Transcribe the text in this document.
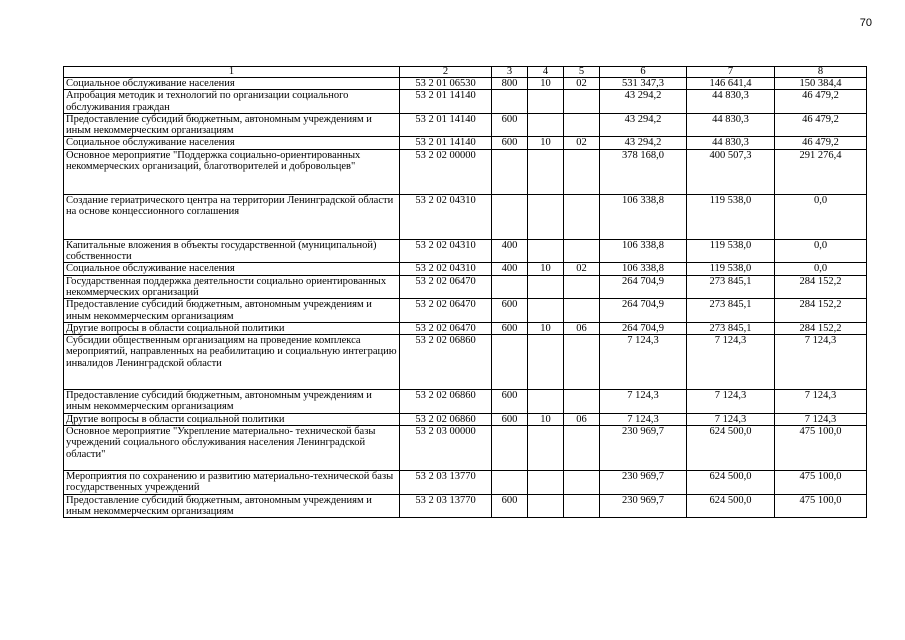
70
1	2	3	4	5	6	7	8
Социальное обслуживание населения	53 2 01 06530	800	10	02	531 347,3	146 641,4	150 384,4
Апробация методик и технологий по организации социального обслуживания граждан	53 2 01 14140				43 294,2	44 830,3	46 479,2
Предоставление субсидий бюджетным, автономным учреждениям и иным некоммерческим организациям	53 2 01 14140	600			43 294,2	44 830,3	46 479,2
Социальное обслуживание населения	53 2 01 14140	600	10	02	43 294,2	44 830,3	46 479,2
Основное мероприятие "Поддержка социально-ориентированных некоммерческих организаций, благотворителей и добровольцев"	53 2 02 00000				378 168,0	400 507,3	291 276,4
Создание гериатрического центра на территории Ленинградской области на основе концессионного соглашения	53 2 02 04310				106 338,8	119 538,0	0,0
Капитальные вложения в объекты государственной (муниципальной) собственности	53 2 02 04310	400			106 338,8	119 538,0	0,0
Социальное обслуживание населения	53 2 02 04310	400	10	02	106 338,8	119 538,0	0,0
Государственная поддержка деятельности социально ориентированных некоммерческих организаций	53 2 02 06470				264 704,9	273 845,1	284 152,2
Предоставление субсидий бюджетным, автономным учреждениям и иным некоммерческим организациям	53 2 02 06470	600			264 704,9	273 845,1	284 152,2
Другие вопросы в области социальной политики	53 2 02 06470	600	10	06	264 704,9	273 845,1	284 152,2
Субсидии общественным организациям на проведение комплекса мероприятий, направленных на реабилитацию и социальную интеграцию инвалидов Ленинградской области	53 2 02 06860				7 124,3	7 124,3	7 124,3
Предоставление субсидий бюджетным, автономным учреждениям и иным некоммерческим организациям	53 2 02 06860	600			7 124,3	7 124,3	7 124,3
Другие вопросы в области социальной политики	53 2 02 06860	600	10	06	7 124,3	7 124,3	7 124,3
Основное мероприятие "Укрепление материально- технической базы учреждений социального обслуживания населения Ленинградской области"	53 2 03 00000				230 969,7	624 500,0	475 100,0
Мероприятия по сохранению и развитию материально-технической базы государственных учреждений	53 2 03 13770				230 969,7	624 500,0	475 100,0
Предоставление субсидий бюджетным, автономным учреждениям и иным некоммерческим организациям	53 2 03 13770	600			230 969,7	624 500,0	475 100,0
